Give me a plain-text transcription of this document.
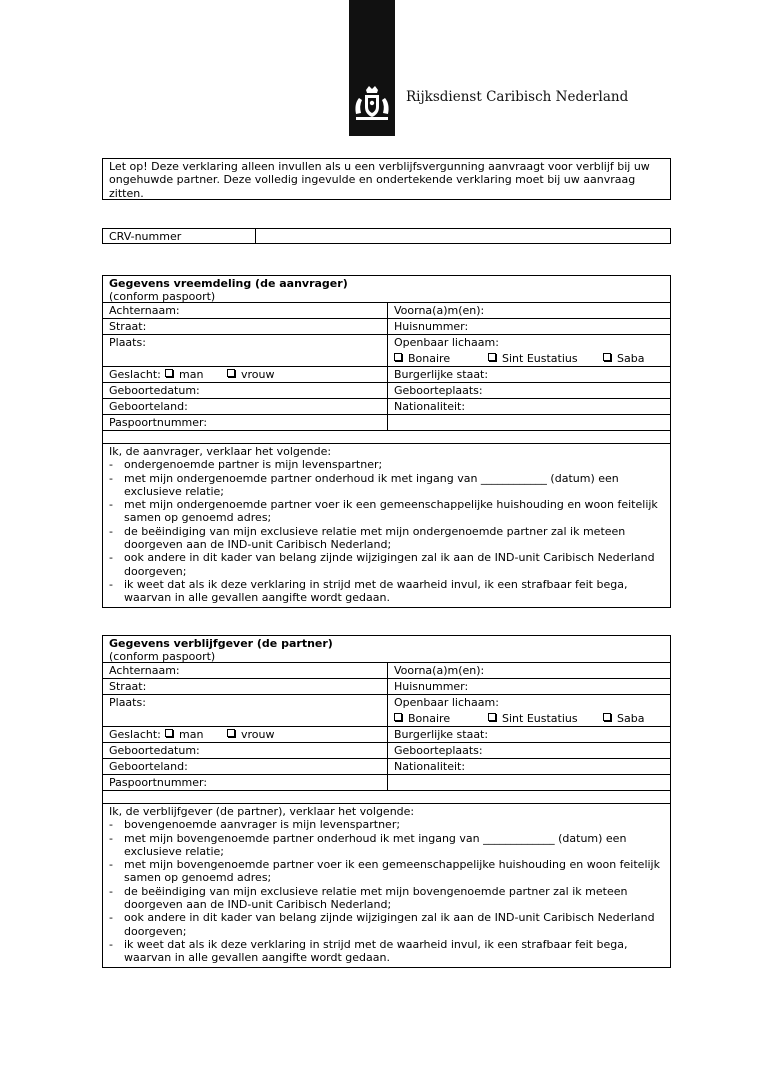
Rijksdienst Caribisch Nederland
Let op! Deze verklaring alleen invullen als u een verblijfsvergunning aanvraagt voor verblijf bij uw ongehuwde partner. Deze volledig ingevulde en ondertekende verklaring moet bij uw aanvraag zitten.
CRV-nummer
Gegevens vreemdeling (de aanvrager)
(conform paspoort)
Achternaam:	Voorna(a)m(en):
Straat:	Huisnummer:
Plaats:	Openbaar lichaam:
Bonaire	Sint Eustatius	Saba
Geslacht:	man	vrouw	Burgerlijke staat:
Geboortedatum:	Geboorteplaats:
Geboorteland:	Nationaliteit:
Paspoortnummer:
Ik, de aanvrager, verklaar het volgende:
- ondergenoemde partner is mijn levenspartner;
- met mijn ondergenoemde partner onderhoud ik met ingang van ____________ (datum) een exclusieve relatie;
- met mijn ondergenoemde partner voer ik een gemeenschappelijke huishouding en woon feitelijk samen op genoemd adres;
- de beëindiging van mijn exclusieve relatie met mijn ondergenoemde partner zal ik meteen doorgeven aan de IND-unit Caribisch Nederland;
- ook andere in dit kader van belang zijnde wijzigingen zal ik aan de IND-unit Caribisch Nederland doorgeven;
- ik weet dat als ik deze verklaring in strijd met de waarheid invul, ik een strafbaar feit bega, waarvan in alle gevallen aangifte wordt gedaan.
Gegevens verblijfgever (de partner)
(conform paspoort)
Achternaam:	Voorna(a)m(en):
Straat:	Huisnummer:
Plaats:	Openbaar lichaam:
Bonaire	Sint Eustatius	Saba
Geslacht:	man	vrouw	Burgerlijke staat:
Geboortedatum:	Geboorteplaats:
Geboorteland:	Nationaliteit:
Paspoortnummer:
Ik, de verblijfgever (de partner), verklaar het volgende:
- bovengenoemde aanvrager is mijn levenspartner;
- met mijn bovengenoemde partner onderhoud ik met ingang van _____________ (datum) een exclusieve relatie;
- met mijn bovengenoemde partner voer ik een gemeenschappelijke huishouding en woon feitelijk samen op genoemd adres;
- de beëindiging van mijn exclusieve relatie met mijn bovengenoemde partner zal ik meteen doorgeven aan de IND-unit Caribisch Nederland;
- ook andere in dit kader van belang zijnde wijzigingen zal ik aan de IND-unit Caribisch Nederland doorgeven;
- ik weet dat als ik deze verklaring in strijd met de waarheid invul, ik een strafbaar feit bega, waarvan in alle gevallen aangifte wordt gedaan.
